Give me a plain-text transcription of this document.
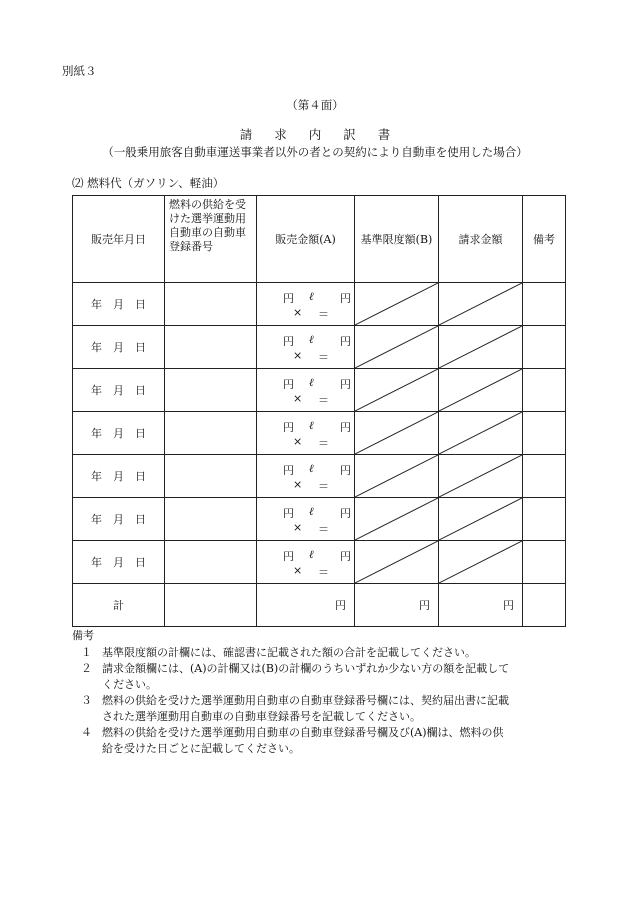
別紙３
（第４面）
請求内訳書
（一般乗用旅客自動車運送事業者以外の者との契約により自動車を使用した場合）
⑵ 燃料代（ガソリン、軽油）
販売年月日	燃料の供給を受けた選挙運動用自動車の自動車登録番号	販売金額(A)	基準限度額(B)	請求金額	備考
年　月　日		円 ℓ 円
× ＝

年　月　日		円 ℓ 円
× ＝

年　月　日		円 ℓ 円
× ＝

年　月　日		円 ℓ 円
× ＝

年　月　日		円 ℓ 円
× ＝

年　月　日		円 ℓ 円
× ＝

年　月　日		円 ℓ 円
× ＝

計		円	円	円	
備考
１ 基準限度額の計欄には、確認書に記載された額の合計を記載してください。
２ 請求金額欄には、(A)の計欄又は(B)の計欄のうちいずれか少ない方の額を記載して
ください。
３ 燃料の供給を受けた選挙運動用自動車の自動車登録番号欄には、契約届出書に記載
された選挙運動用自動車の自動車登録番号を記載してください。
４ 燃料の供給を受けた選挙運動用自動車の自動車登録番号欄及び(A)欄は、燃料の供
給を受けた日ごとに記載してください。
